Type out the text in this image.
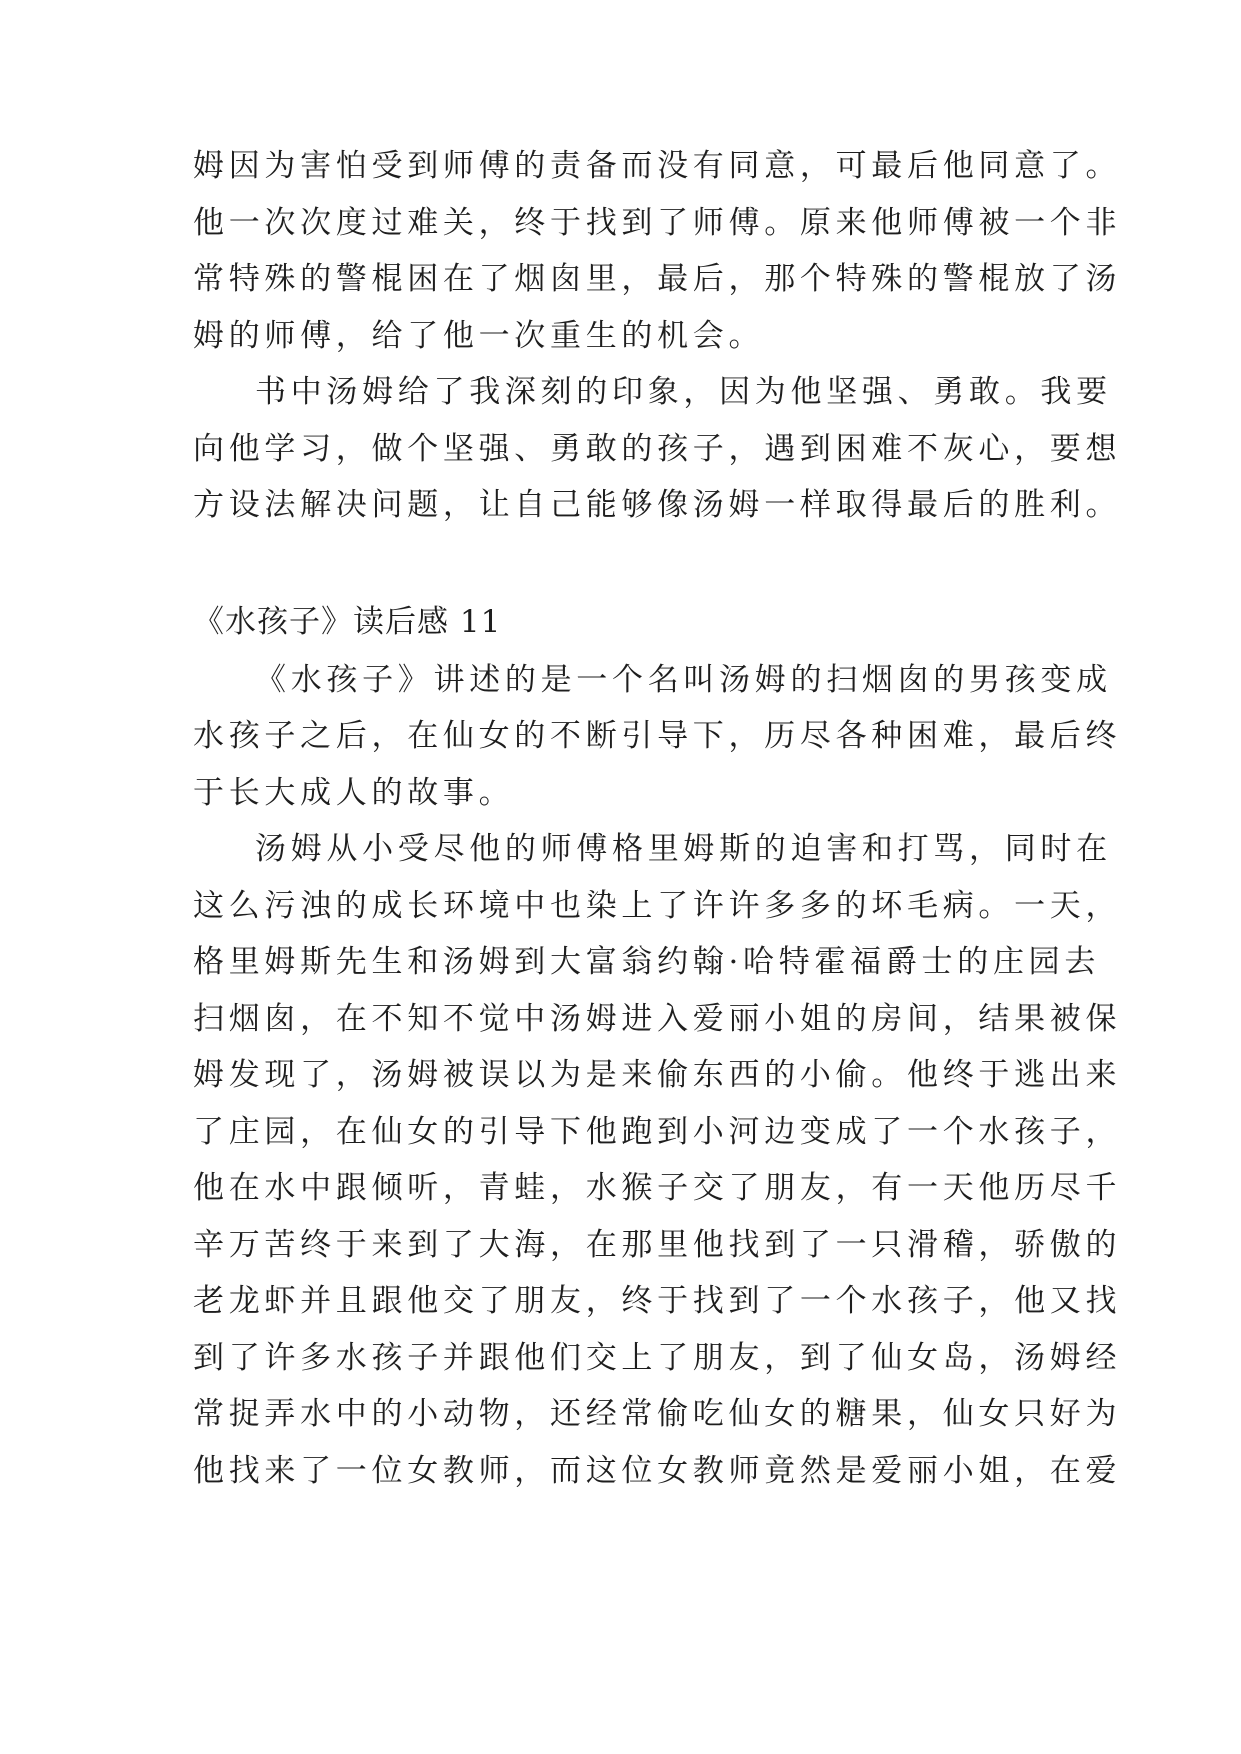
姆因为害怕受到师傅的责备而没有同意，可最后他同意了。
他一次次度过难关，终于找到了师傅。原来他师傅被一个非
常特殊的警棍困在了烟囱里，最后，那个特殊的警棍放了汤
姆的师傅，给了他一次重生的机会。
书中汤姆给了我深刻的印象，因为他坚强、勇敢。我要
向他学习，做个坚强、勇敢的孩子，遇到困难不灰心，要想
方设法解决问题，让自己能够像汤姆一样取得最后的胜利。
《水孩子》读后感 11
《水孩子》讲述的是一个名叫汤姆的扫烟囱的男孩变成
水孩子之后，在仙女的不断引导下，历尽各种困难，最后终
于长大成人的故事。
汤姆从小受尽他的师傅格里姆斯的迫害和打骂，同时在
这么污浊的成长环境中也染上了许许多多的坏毛病。一天，
格里姆斯先生和汤姆到大富翁约翰·哈特霍福爵士的庄园去
扫烟囱，在不知不觉中汤姆进入爱丽小姐的房间，结果被保
姆发现了，汤姆被误以为是来偷东西的小偷。他终于逃出来
了庄园，在仙女的引导下他跑到小河边变成了一个水孩子，
他在水中跟倾听，青蛙，水猴子交了朋友，有一天他历尽千
辛万苦终于来到了大海，在那里他找到了一只滑稽，骄傲的
老龙虾并且跟他交了朋友，终于找到了一个水孩子，他又找
到了许多水孩子并跟他们交上了朋友，到了仙女岛，汤姆经
常捉弄水中的小动物，还经常偷吃仙女的糖果，仙女只好为
他找来了一位女教师，而这位女教师竟然是爱丽小姐，在爱
